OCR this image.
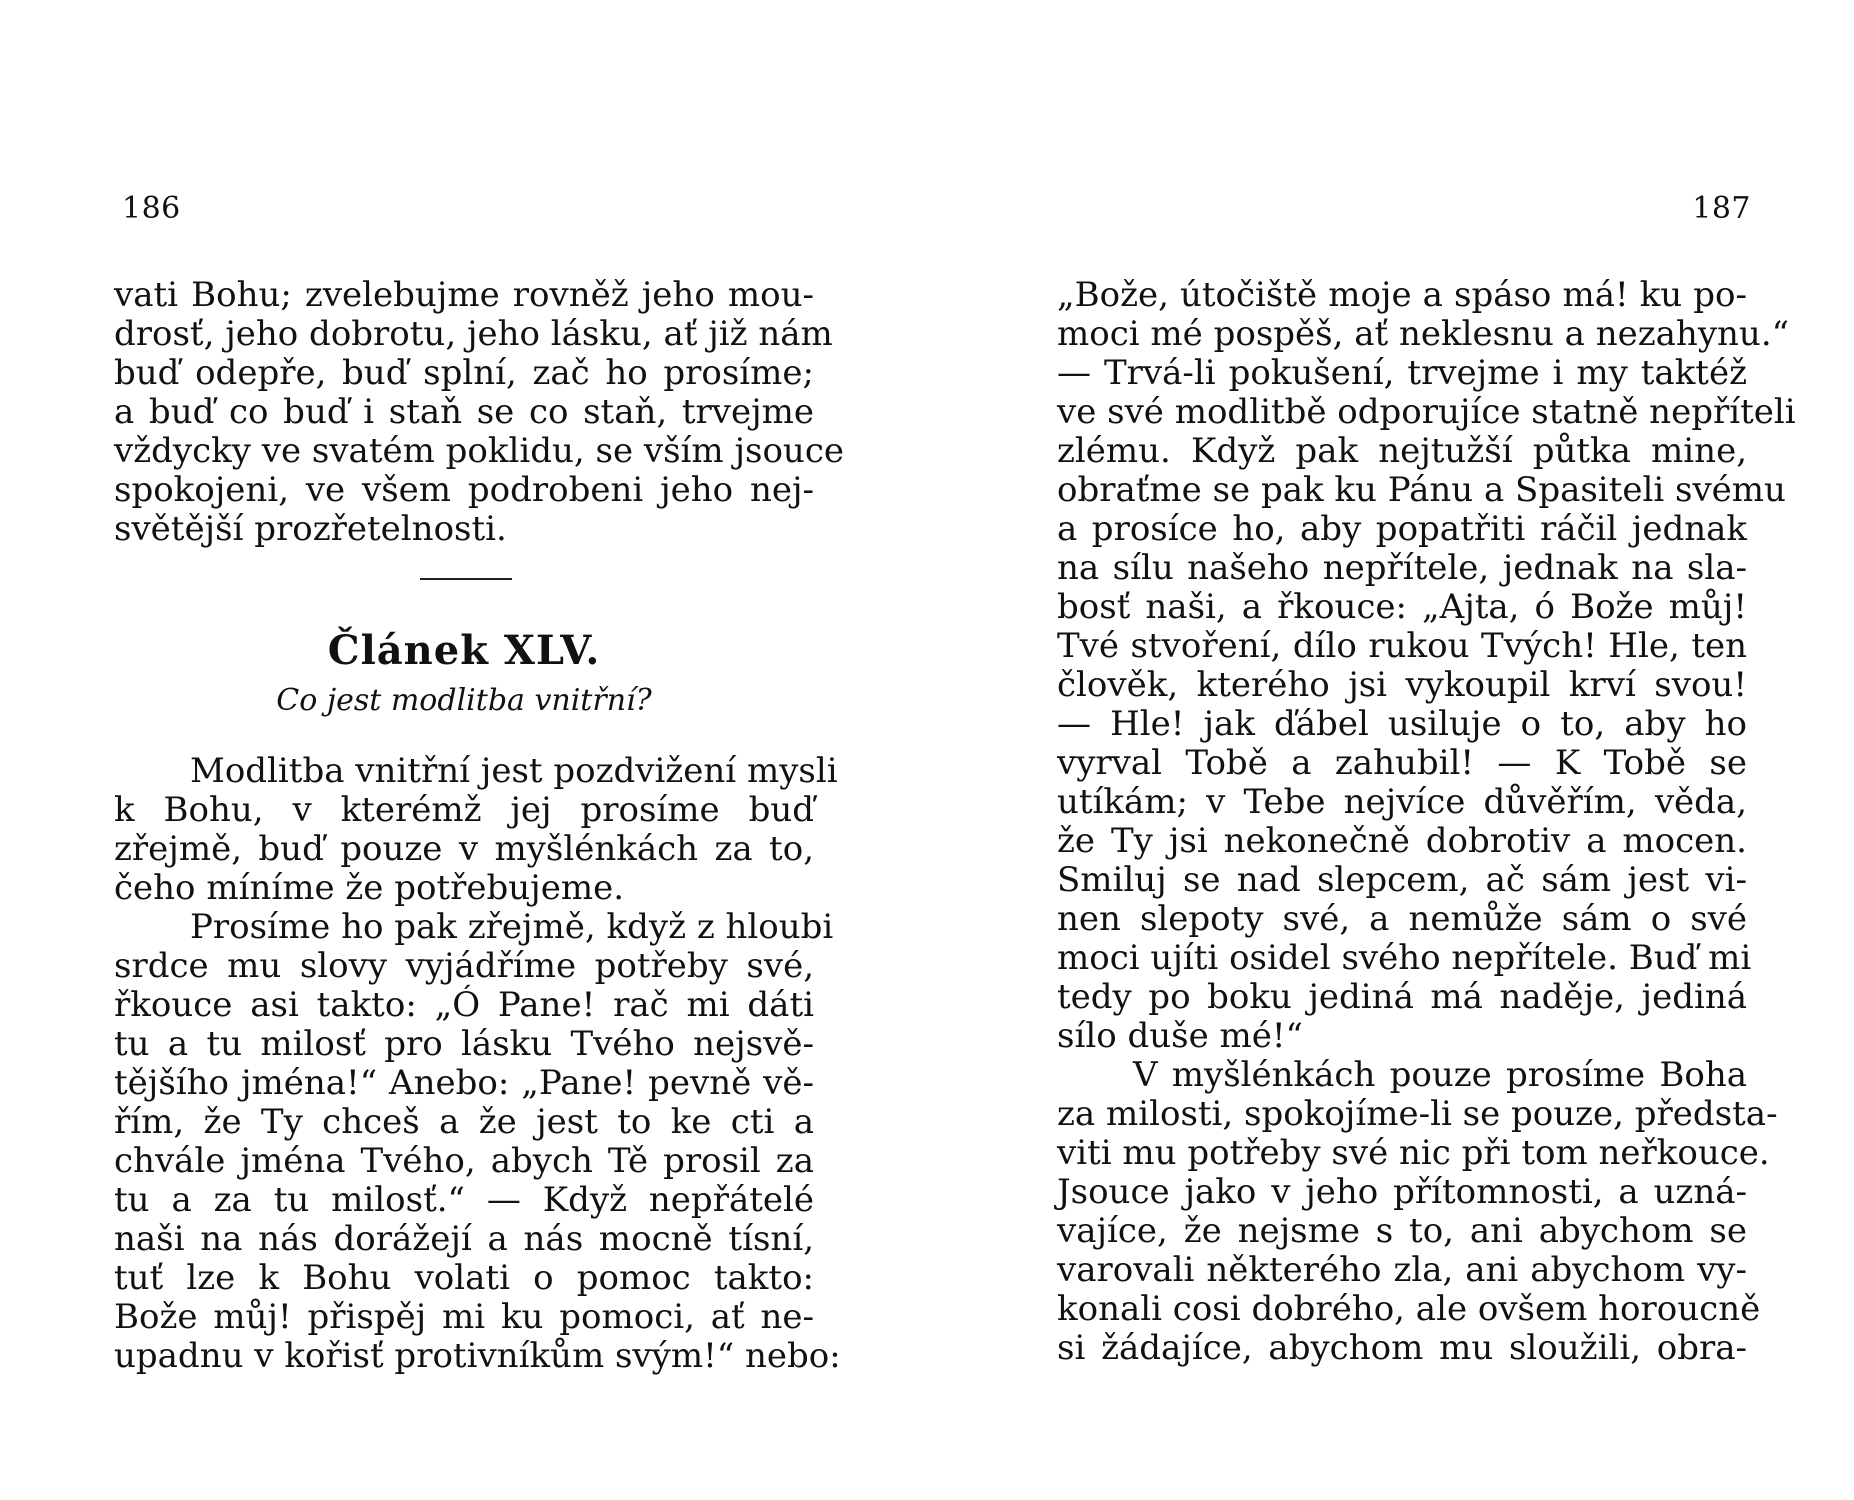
186
vati Bohu; zvelebujme rovněž jeho mou-
drosť, jeho dobrotu, jeho lásku, ať již nám
buď odepře, buď splní, zač ho prosíme;
a buď co buď i staň se co staň, trvejme
vždycky ve svatém poklidu, se vším jsouce
spokojeni, ve všem podrobeni jeho nej-
světější prozřetelnosti.
Článek XLV.
Co jest modlitba vnitřní?
Modlitba vnitřní jest pozdvižení mysli
k Bohu, v kterémž jej prosíme buď
zřejmě, buď pouze v myšlénkách za to,
čeho míníme že potřebujeme.
Prosíme ho pak zřejmě, když z hloubi
srdce mu slovy vyjádříme potřeby své,
řkouce asi takto: „Ó Pane! rač mi dáti
tu a tu milosť pro lásku Tvého nejsvě-
tějšího jména!“ Anebo: „Pane! pevně vě-
řím, že Ty chceš a že jest to ke cti a
chvále jména Tvého, abych Tě prosil za
tu a za tu milosť.“ — Když nepřátelé
naši na nás dorážejí a nás mocně tísní,
tuť lze k Bohu volati o pomoc takto:
Bože můj! přispěj mi ku pomoci, ať ne-
upadnu v kořisť protivníkům svým!“ nebo:
187
„Bože, útočiště moje a spáso má! ku po-
moci mé pospěš, ať neklesnu a nezahynu.“
— Trvá-li pokušení, trvejme i my taktéž
ve své modlitbě odporujíce statně nepříteli
zlému. Když pak nejtužší půtka mine,
obraťme se pak ku Pánu a Spasiteli svému
a prosíce ho, aby popatřiti ráčil jednak
na sílu našeho nepřítele, jednak na sla-
bosť naši, a řkouce: „Ajta, ó Bože můj!
Tvé stvoření, dílo rukou Tvých! Hle, ten
člověk, kterého jsi vykoupil krví svou!
— Hle! jak ďábel usiluje o to, aby ho
vyrval Tobě a zahubil! — K Tobě se
utíkám; v Tebe nejvíce důvěřím, věda,
že Ty jsi nekonečně dobrotiv a mocen.
Smiluj se nad slepcem, ač sám jest vi-
nen slepoty své, a nemůže sám o své
moci ujíti osidel svého nepřítele. Buď mi
tedy po boku jediná má naděje, jediná
sílo duše mé!“
V myšlénkách pouze prosíme Boha
za milosti, spokojíme-li se pouze, předsta-
viti mu potřeby své nic při tom neřkouce.
Jsouce jako v jeho přítomnosti, a uzná-
vajíce, že nejsme s to, ani abychom se
varovali některého zla, ani abychom vy-
konali cosi dobrého, ale ovšem horoucně
si žádajíce, abychom mu sloužili, obra-
